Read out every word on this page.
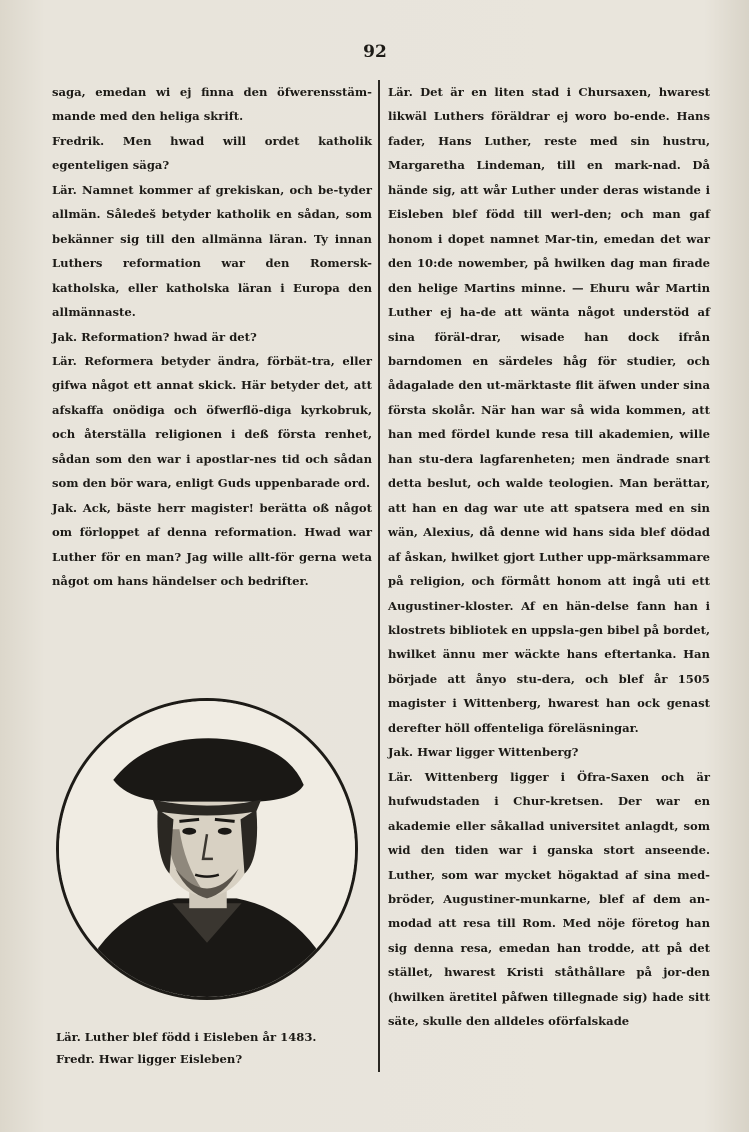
92

saga, emedan wi ej finna den öfwerensstäm-mande med den heliga skrift.

Fredrik. Men hwad will ordet katholik egenteligen säga?

Lär. Namnet kommer af grekiskan, och be-tyder allmän. Såledeš betyder katholik en sådan, som bekänner sig till den allmänna läran. Ty innan Luthers reformation war den Romersk-katholska, eller katholska läran i Europa den allmännaste.

Jak. Reformation? hwad är det?

Lär. Reformera betyder ändra, förbät-tra, eller gifwa något ett annat skick. Här betyder det, att afskaffa onödiga och öfwerflö-diga kyrkobruk, och återställa religionen i deß första renhet, sådan som den war i apostlar-nes tid och sådan som den bör wara, enligt Guds uppenbarade ord.

Jak. Ack, bäste herr magister! berätta oß något om förloppet af denna reformation. Hwad war Luther för en man? Jag wille allt-för gerna weta något om hans händelser och bedrifter.

Lär. Det är en liten stad i Chursaxen, hwarest likwäl Luthers föräldrar ej woro bo-ende. Hans fader, Hans Luther, reste med sin hustru, Margaretha Lindeman, till en mark-nad. Då hände sig, att wår Luther under deras wistande i Eisleben blef född till werl-den; och man gaf honom i dopet namnet Mar-tin, emedan det war den 10:de nowember, på hwilken dag man firade den helige Martins minne. — Ehuru wår Martin Luther ej ha-de att wänta något understöd af sina föräl-drar, wisade han dock ifrån barndomen en särdeles håg för studier, och ådagalade den ut-märktaste flit äfwen under sina första skolår. När han war så wida kommen, att han med fördel kunde resa till akademien, wille han stu-dera lagfarenheten; men ändrade snart detta beslut, och walde teologien. Man berättar, att han en dag war ute att spatsera med en sin wän, Alexius, då denne wid hans sida blef dödad af åskan, hwilket gjort Luther upp-märksammare på religion, och förmått honom att ingå uti ett Augustiner-kloster. Af en hän-delse fann han i klostrets bibliotek en uppsla-gen bibel på bordet, hwilket ännu mer wäckte hans eftertanka. Han började att ånyo stu-dera, och blef år 1505 magister i Wittenberg, hwarest han ock genast derefter höll offenteliga föreläsningar.

Jak. Hwar ligger Wittenberg?

Lär. Wittenberg ligger i Öfra-Saxen och är hufwudstaden i Chur-kretsen. Der war en akademie eller såkallad universitet anlagdt, som wid den tiden war i ganska stort anseende. Luther, som war mycket högaktad af sina med-bröder, Augustiner-munkarne, blef af dem an-modad att resa till Rom. Med nöje företog han sig denna resa, emedan han trodde, att på det stället, hwarest Kristi ståthållare på jor-den (hwilken äretitel påfwen tillegnade sig) hade sitt säte, skulle den alldeles oförfalskade

Lär. Luther blef född i Eisleben år 1483.
Fredr. Hwar ligger Eisleben?
